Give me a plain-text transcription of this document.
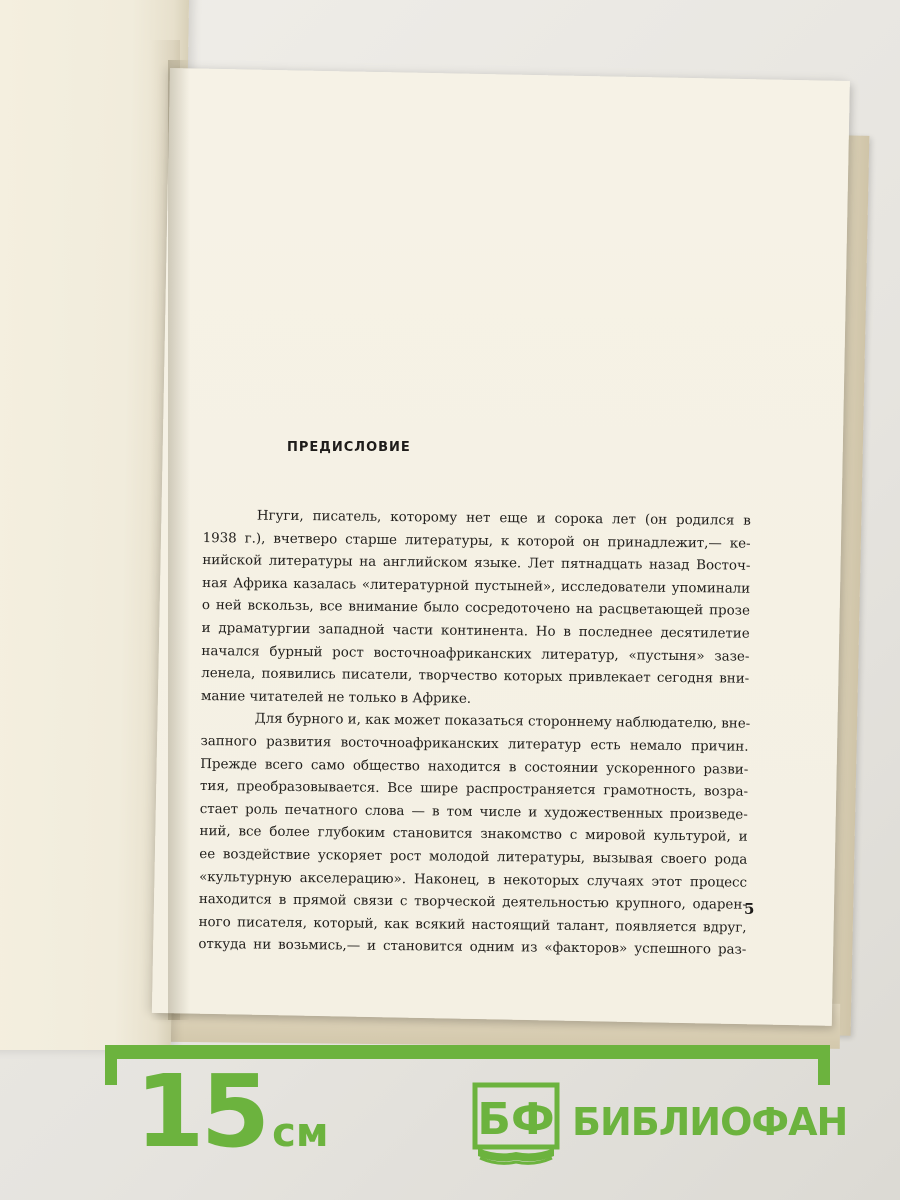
ПРЕДИСЛОВИЕ
Нгуги, писатель, которому нет еще и сорока лет (он родился в
1938 г.), вчетверо старше литературы, к которой он принадлежит,— ке-
нийской литературы на английском языке. Лет пятнадцать назад Восточ-
ная Африка казалась «литературной пустыней», исследователи упоминали
о ней вскользь, все внимание было сосредоточено на расцветающей прозе
и драматургии западной части континента. Но в последнее десятилетие
начался бурный рост восточноафриканских литератур, «пустыня» зазе-
ленела, появились писатели, творчество которых привлекает сегодня вни-
мание читателей не только в Африке.
Для бурного и, как может показаться стороннему наблюдателю, вне-
запного развития восточноафриканских литератур есть немало причин.
Прежде всего само общество находится в состоянии ускоренного разви-
тия, преобразовывается. Все шире распространяется грамотность, возра-
стает роль печатного слова — в том числе и художественных произведе-
ний, все более глубоким становится знакомство с мировой культурой, и
ее воздействие ускоряет рост молодой литературы, вызывая своего рода
«культурную акселерацию». Наконец, в некоторых случаях этот процесс
находится в прямой связи с творческой деятельностью крупного, одарен-
ного писателя, который, как всякий настоящий талант, появляется вдруг,
откуда ни возьмись,— и становится одним из «факторов» успешного раз-
5
15 см	БФ БИБЛИОФАН
